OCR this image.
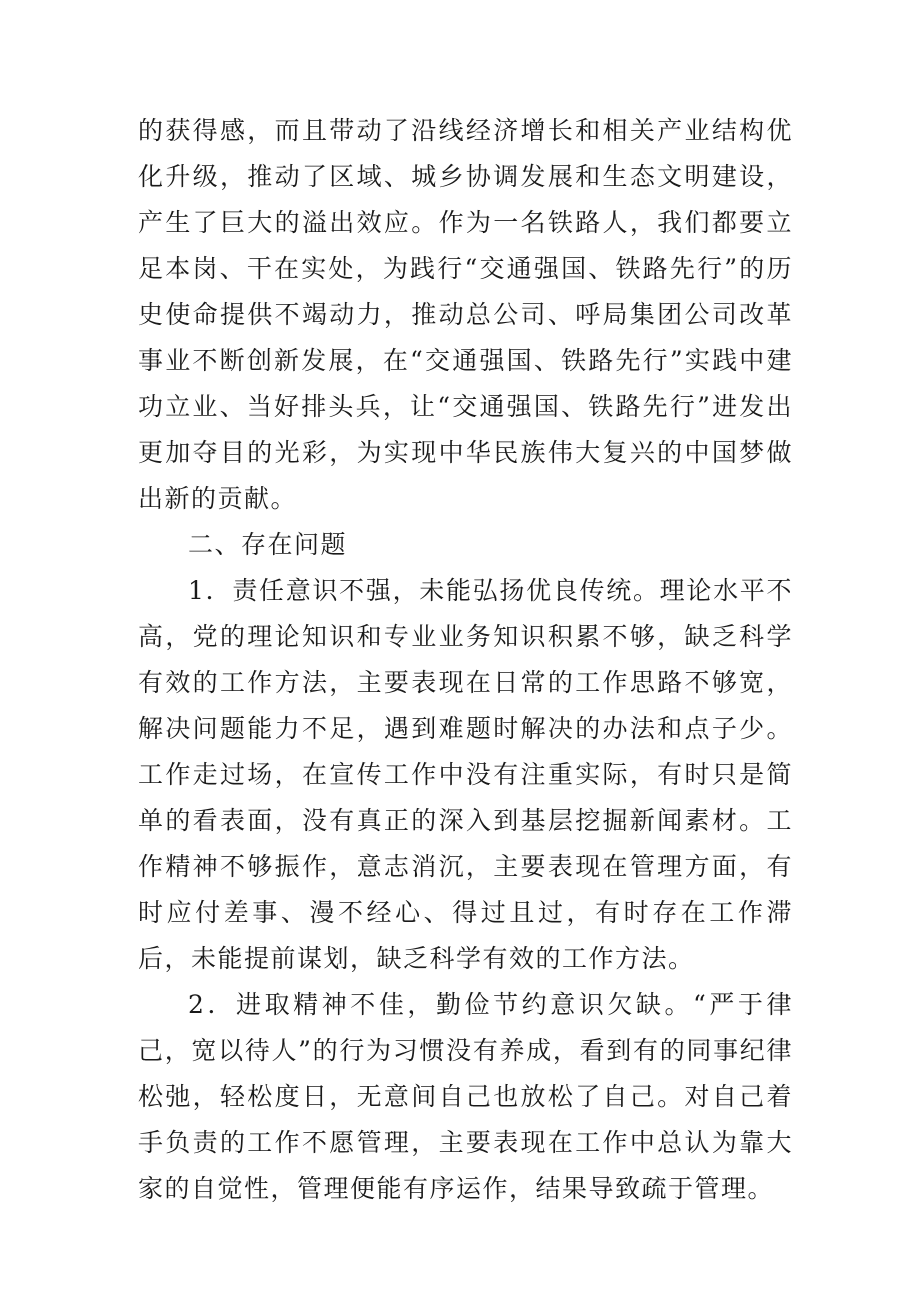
的获得感，而且带动了沿线经济增长和相关产业结构优化升级，推动了区域、城乡协调发展和生态文明建设，产生了巨大的溢出效应。作为一名铁路人，我们都要立足本岗、干在实处，为践行“交通强国、铁路先行”的历史使命提供不竭动力，推动总公司、呼局集团公司改革事业不断创新发展，在“交通强国、铁路先行”实践中建功立业、当好排头兵，让“交通强国、铁路先行”进发出更加夺目的光彩，为实现中华民族伟大复兴的中国梦做出新的贡献。

二、存在问题

1．责任意识不强，未能弘扬优良传统。理论水平不高，党的理论知识和专业业务知识积累不够，缺乏科学有效的工作方法，主要表现在日常的工作思路不够宽，解决问题能力不足，遇到难题时解决的办法和点子少。工作走过场，在宣传工作中没有注重实际，有时只是简单的看表面，没有真正的深入到基层挖掘新闻素材。工作精神不够振作，意志消沉，主要表现在管理方面，有时应付差事、漫不经心、得过且过，有时存在工作滞后，未能提前谋划，缺乏科学有效的工作方法。

2．进取精神不佳，勤俭节约意识欠缺。“严于律己，宽以待人”的行为习惯没有养成，看到有的同事纪律松弛，轻松度日，无意间自己也放松了自己。对自己着手负责的工作不愿管理，主要表现在工作中总认为靠大家的自觉性，管理便能有序运作，结果导致疏于管理。
